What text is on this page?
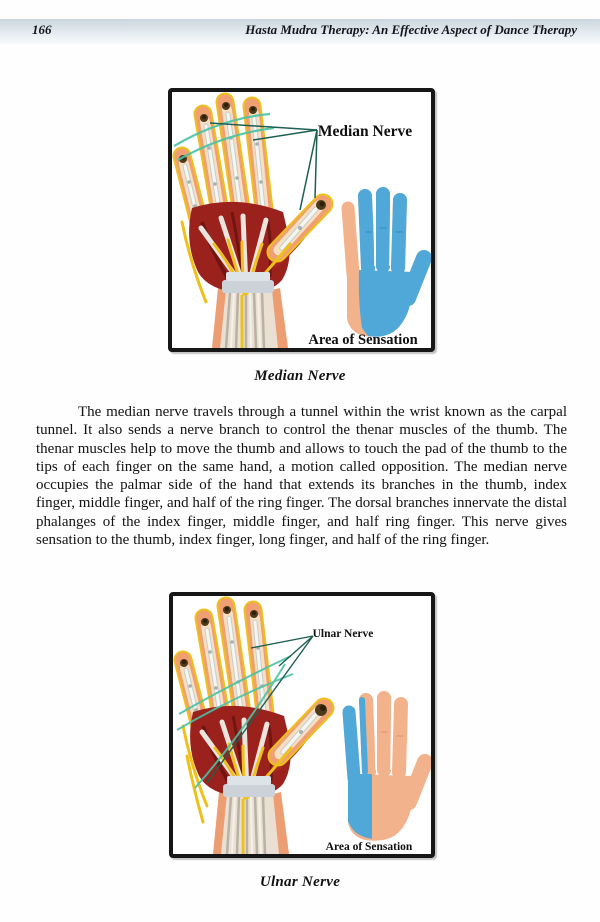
166	Hasta Mudra Therapy: An Effective Aspect of Dance Therapy
Median Nerve
Area of Sensation
Median Nerve
The median nerve travels through a tunnel within the wrist known as the carpal tunnel. It also sends a nerve branch to control the thenar muscles of the thumb. The thenar muscles help to move the thumb and allows to touch the pad of the thumb to the tips of each finger on the same hand, a motion called opposition. The median nerve occupies the palmar side of the hand that extends its branches in the thumb, index finger, middle finger, and half of the ring finger. The dorsal branches innervate the distal phalanges of the index finger, middle finger, and half ring finger. This nerve gives sensation to the thumb, index finger, long finger, and half of the ring finger.
Ulnar Nerve
Area of Sensation
Ulnar Nerve
